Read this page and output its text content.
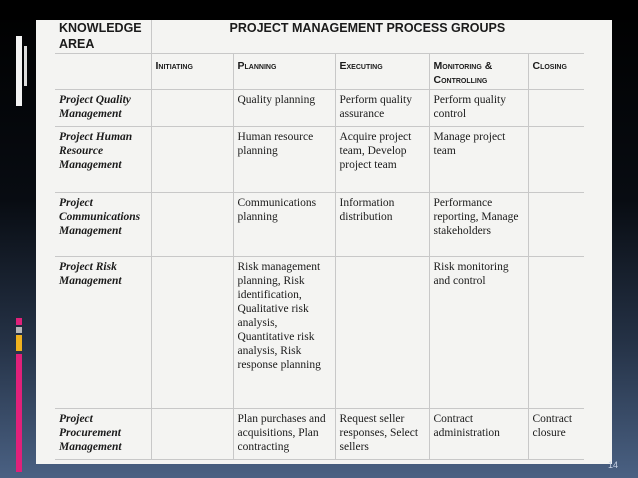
KNOWLEDGE AREA	PROJECT MANAGEMENT PROCESS GROUPS				
	Initiating	Planning	Executing	Monitoring & Controlling	Closing
Project Quality Management		Quality planning	Perform quality assurance	Perform quality control	
Project Human Resource Management		Human resource planning	Acquire project team, Develop project team	Manage project team	
Project Communications Management		Communications planning	Information distribution	Performance reporting, Manage stakeholders	
Project Risk Management		Risk management planning, Risk identification, Qualitative risk analysis, Quantitative risk analysis, Risk response planning		Risk monitoring and control	
Project Procurement Management		Plan purchases and acquisitions, Plan contracting	Request seller responses, Select sellers	Contract administration	Contract closure
14
